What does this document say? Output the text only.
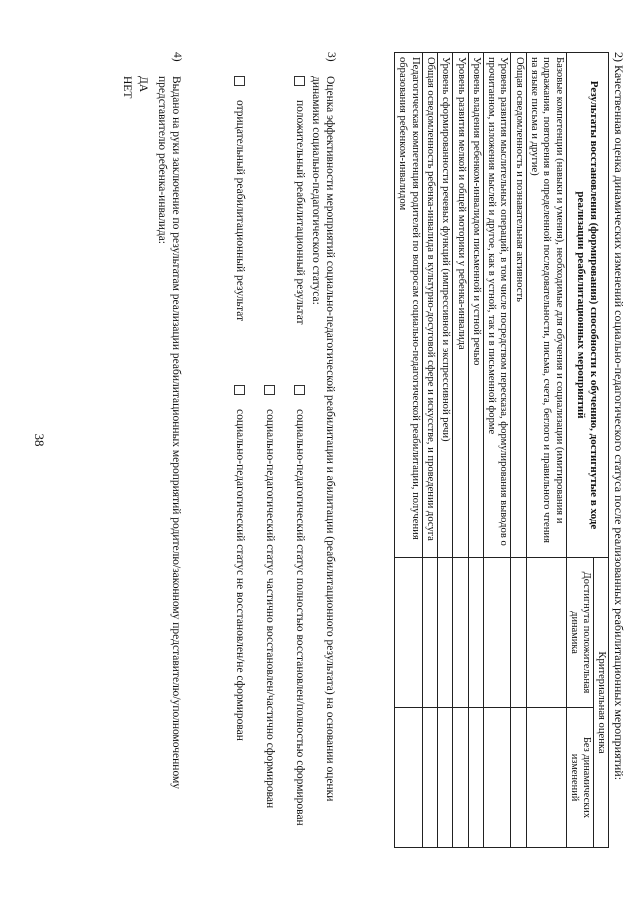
38	2) Качественная оценка динамических изменений социально-педагогического статуса после реализованных реабилитационных мероприятий:
Результаты восстановления (формирования) способности к обучению, достигнутые в ходе реализации реабилитационных мероприятий	Критериальная оценка	
	Достигнута положительная динамика	Без динамических изменений
Базовые компетенции (навыки и умения), необходимые для обучения и социализации (имитирования и подражания, повторения в определенной последовательности, письма, счета, беглого и правильного чтения на языке письма и другие)		
Общая осведомленность и познавательная активность		
Уровень развития мыслительных операций, в том числе посредством пересказа, формулирования выводов о прочитанном, изложения мыслей и другое, как в устной, так и в письменной форме		
Уровень владения ребенком-инвалидом письменной и устной речью		
Уровень развития мелкой и общей моторики у ребенка-инвалида		
Уровень сформированности речевых функций (импрессивной и экспрессивной речи)		
Общая осведомленность ребенка-инвалида в культурно-досуговой сфере и искусстве, и проведении досуга		
Педагогическая компетенция родителей по вопросам социально-педагогической реабилитации, получения образования ребенком-инвалидом		
3)
Оценка эффективности мероприятий социально-педагогической реабилитации и абилитации (реабилитационного результата) на основании оценки динамики социально-педагогического статуса:
положительный реабилитационный результат
социально-педагогический статус полностью восстановлен/полностью сформирован
социально-педагогический статус частично восстановлен/частично сформирован
отрицательный реабилитационный результат
социально-педагогический статус не восстановлен/не сформирован
4)
Выдано на руки заключение по результатам реализации реабилитационных мероприятий родителю/законному представителю/уполномоченному представителю ребенка-инвалида:
ДА
НЕТ
